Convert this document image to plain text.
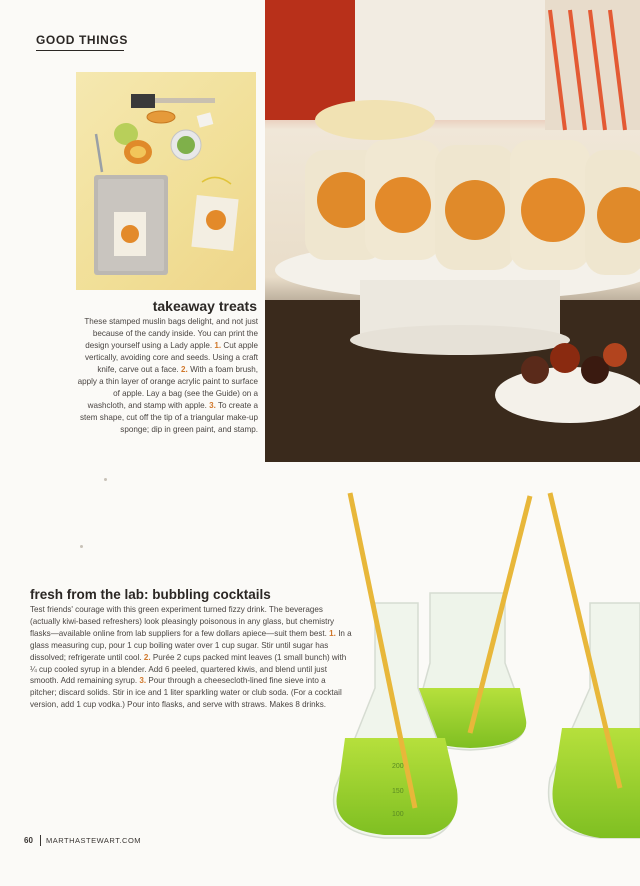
GOOD THINGS
takeaway treats
These stamped muslin bags delight, and not just because of the candy inside. You can print the design yourself using a Lady apple. 1. Cut apple vertically, avoiding core and seeds. Using a craft knife, carve out a face. 2. With a foam brush, apply a thin layer of orange acrylic paint to surface of apple. Lay a bag (see the Guide) on a washcloth, and stamp with apple. 3. To create a stem shape, cut off the tip of a triangular make-up sponge; dip in green paint, and stamp.
fresh from the lab: bubbling cocktails
Test friends' courage with this green experiment turned fizzy drink. The beverages (actually kiwi-based refreshers) look pleasingly poisonous in any glass, but chemistry flasks—available online from lab suppliers for a few dollars apiece—suit them best. 1. In a glass measuring cup, pour 1 cup boiling water over 1 cup sugar. Stir until sugar has dissolved; refrigerate until cool. 2. Purée 2 cups packed mint leaves (1 small bunch) with ¼ cup cooled syrup in a blender. Add 6 peeled, quartered kiwis, and blend until just smooth. Add remaining syrup. 3. Pour through a cheesecloth-lined fine sieve into a pitcher; discard solids. Stir in ice and 1 liter sparkling water or club soda. (For a cocktail version, add 1 cup vodka.) Pour into flasks, and serve with straws. Makes 8 drinks.
200
150
100
60 MARTHASTEWART.COM
